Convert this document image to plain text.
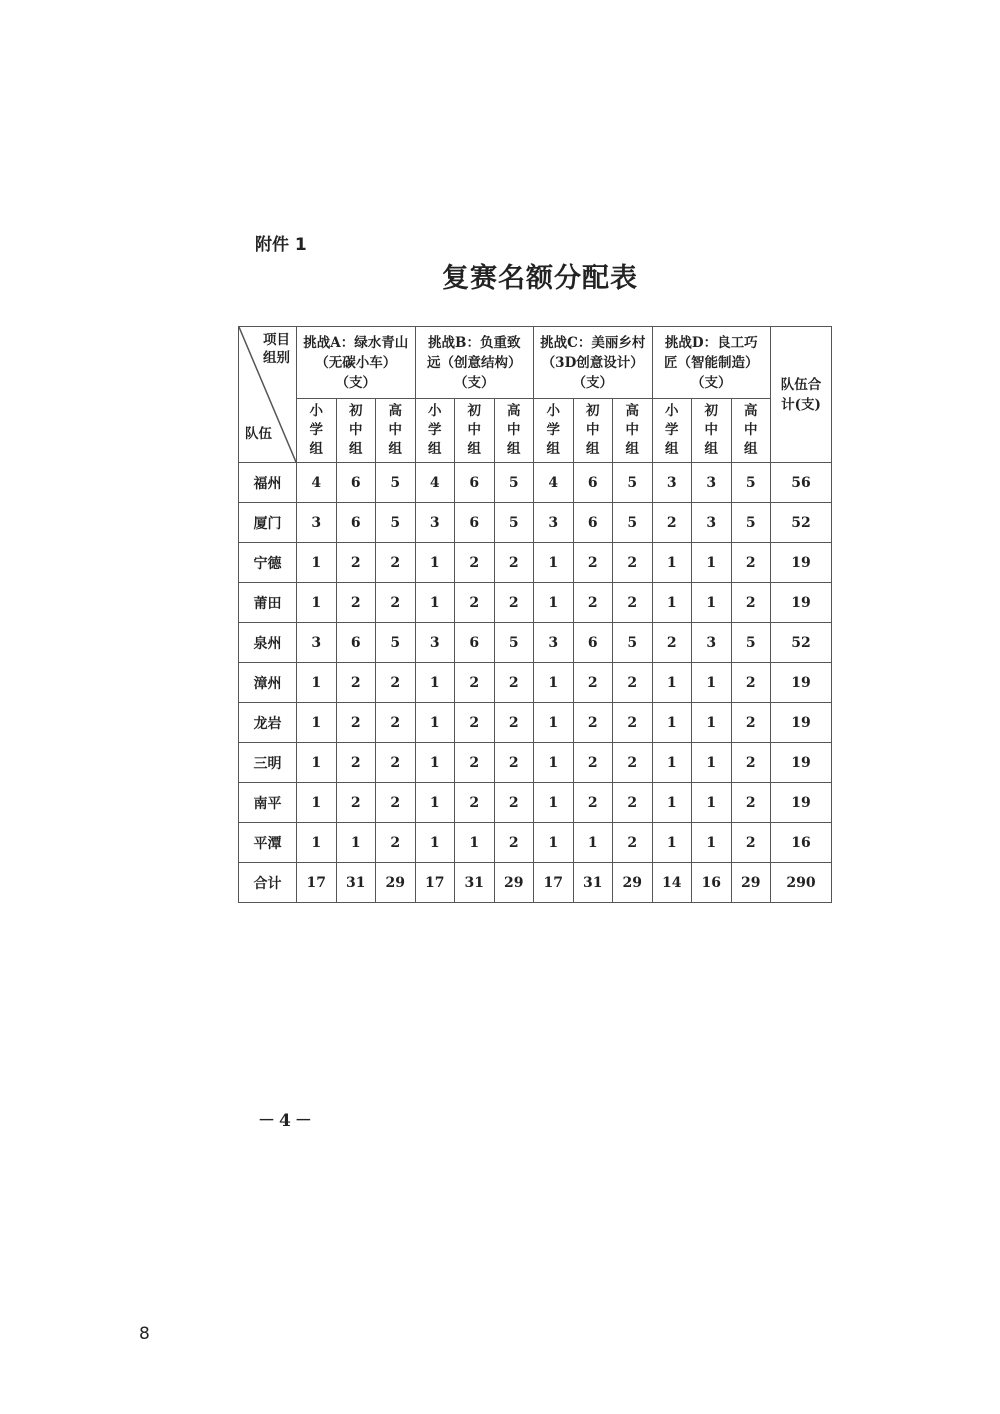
附件 1
复赛名额分配表
项目
组别
队伍	挑战A：绿水青山（无碳小车）（支）			挑战B：负重致远（创意结构）（支）			挑战C：美丽乡村（3D创意设计）（支）			挑战D：良工巧匠（智能制造）（支）			队伍合计(支)

	小学组	初中组	高中组	小学组	初中组	高中组	小学组	初中组	高中组	小学组	初中组	高中组	

福州	4	6	5	4	6	5	4	6	5	3	3	5	56
厦门	3	6	5	3	6	5	3	6	5	2	3	5	52
宁德	1	2	2	1	2	2	1	2	2	1	1	2	19
莆田	1	2	2	1	2	2	1	2	2	1	1	2	19
泉州	3	6	5	3	6	5	3	6	5	2	3	5	52
漳州	1	2	2	1	2	2	1	2	2	1	1	2	19
龙岩	1	2	2	1	2	2	1	2	2	1	1	2	19
三明	1	2	2	1	2	2	1	2	2	1	1	2	19
南平	1	2	2	1	2	2	1	2	2	1	1	2	19
平潭	1	1	2	1	1	2	1	1	2	1	1	2	16
合计	17	31	29	17	31	29	17	31	29	14	16	29	290
－4－
8
